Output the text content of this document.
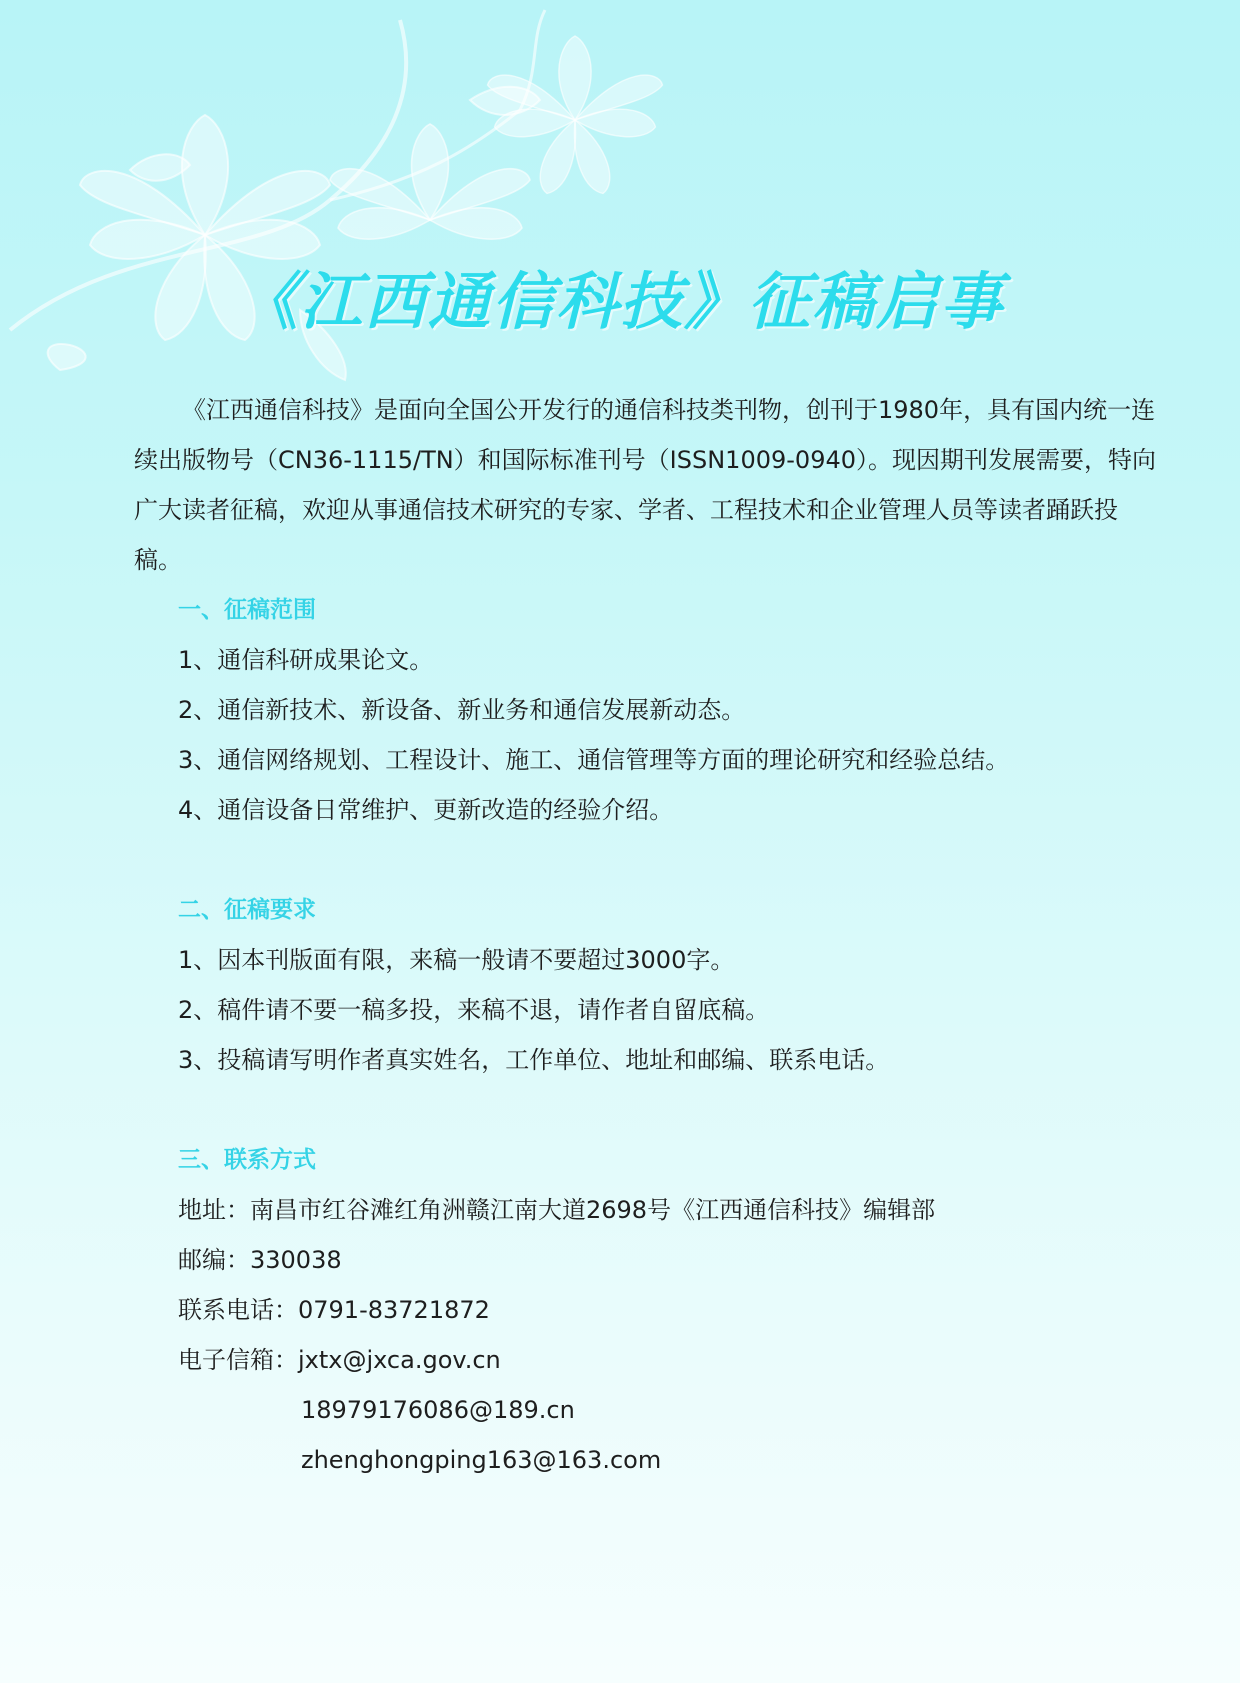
《江西通信科技》征稿启事

《江西通信科技》是面向全国公开发行的通信科技类刊物，创刊于1980年，具有国内统一连续出版物号（CN36-1115/TN）和国际标准刊号（ISSN1009-0940）。现因期刊发展需要，特向广大读者征稿，欢迎从事通信技术研究的专家、学者、工程技术和企业管理人员等读者踊跃投稿。

一、征稿范围

1、通信科研成果论文。

2、通信新技术、新设备、新业务和通信发展新动态。

3、通信网络规划、工程设计、施工、通信管理等方面的理论研究和经验总结。

4、通信设备日常维护、更新改造的经验介绍。

二、征稿要求

1、因本刊版面有限，来稿一般请不要超过3000字。

2、稿件请不要一稿多投，来稿不退，请作者自留底稿。

3、投稿请写明作者真实姓名，工作单位、地址和邮编、联系电话。

三、联系方式

地址：南昌市红谷滩红角洲赣江南大道2698号《江西通信科技》编辑部

邮编：330038

联系电话：0791-83721872

电子信箱：jxtx@jxca.gov.cn

18979176086@189.cn

zhenghongping163@163.com
